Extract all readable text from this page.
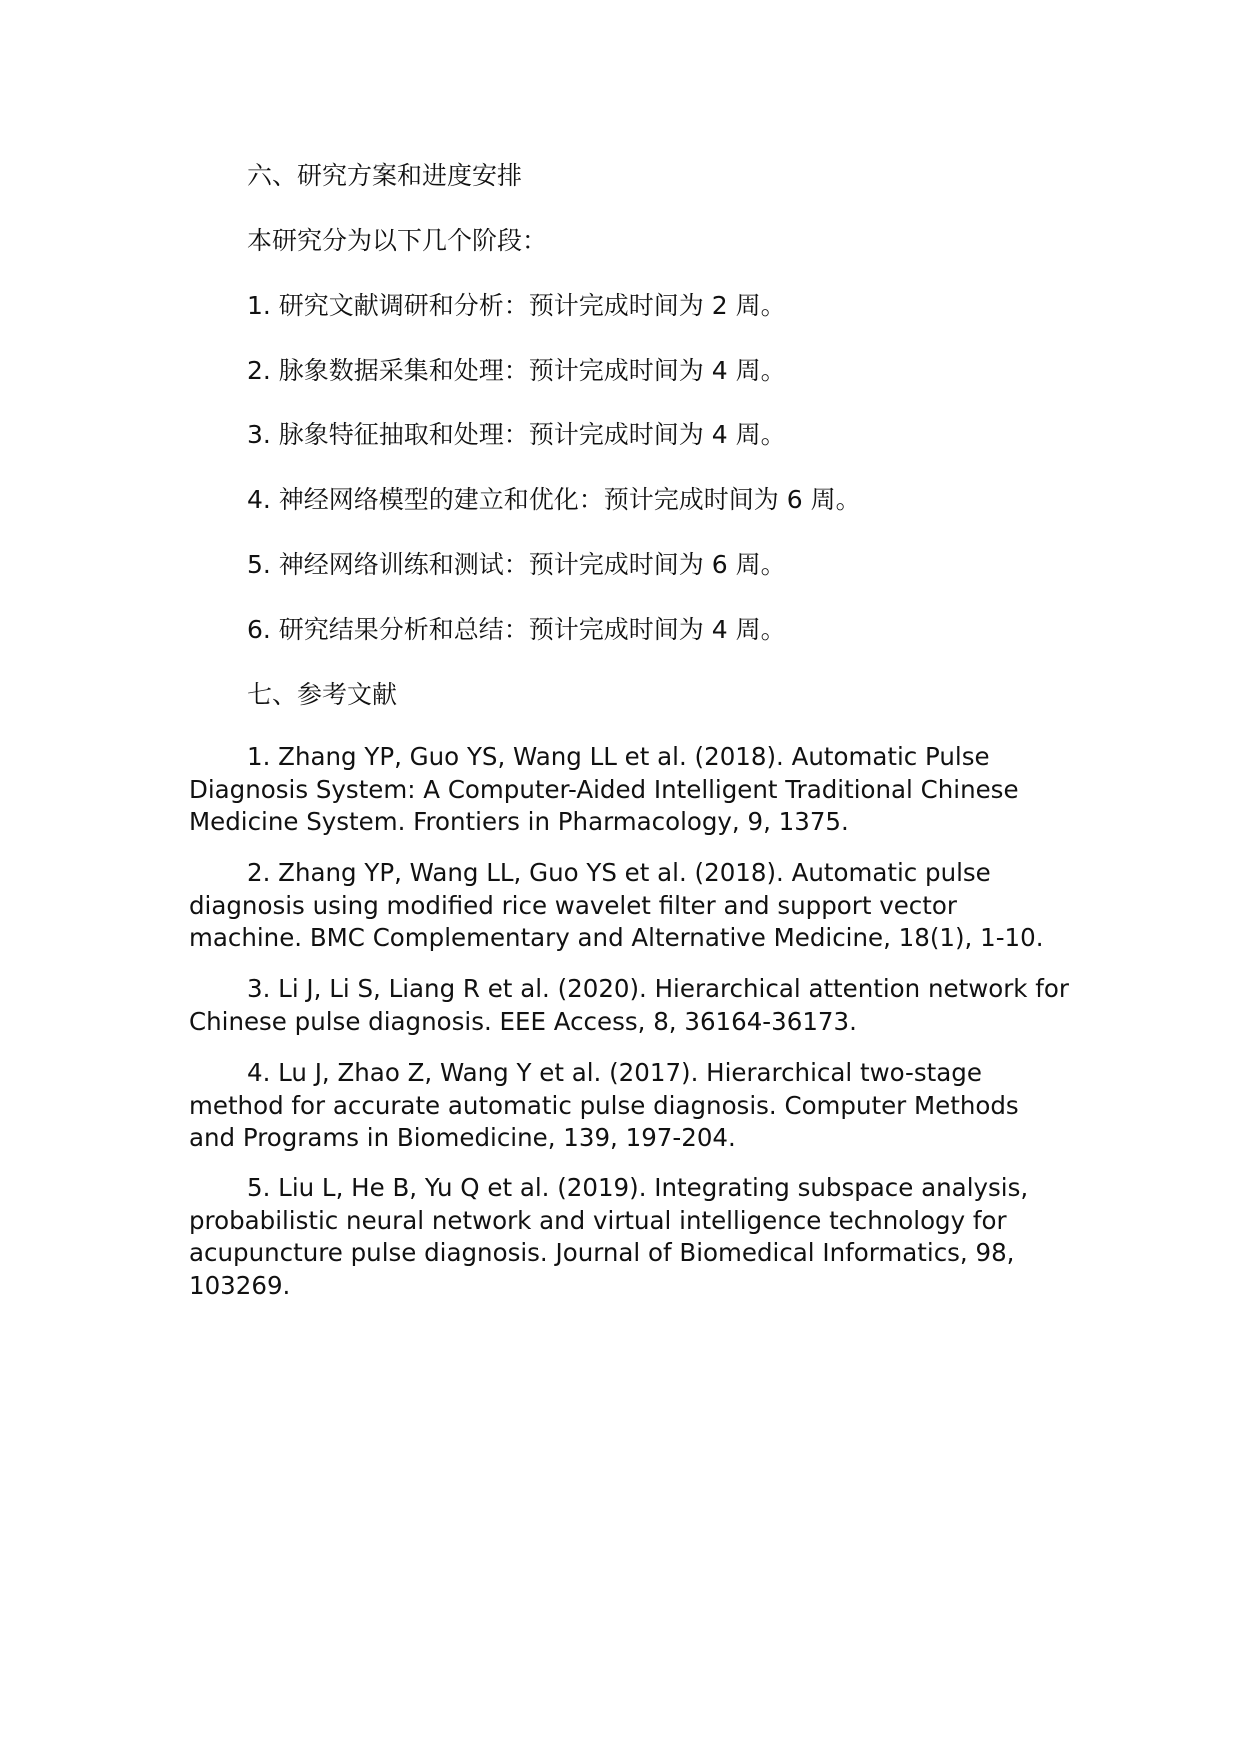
六、研究方案和进度安排
本研究分为以下几个阶段：
1. 研究文献调研和分析：预计完成时间为 2 周。
2. 脉象数据采集和处理：预计完成时间为 4 周。
3. 脉象特征抽取和处理：预计完成时间为 4 周。
4. 神经网络模型的建立和优化：预计完成时间为 6 周。
5. 神经网络训练和测试：预计完成时间为 6 周。
6. 研究结果分析和总结：预计完成时间为 4 周。
七、参考文献

1. Zhang YP, Guo YS, Wang LL et al. (2018). Automatic Pulse Diagnosis System: A Computer-Aided Intelligent Traditional Chinese Medicine System. Frontiers in Pharmacology, 9, 1375.

2. Zhang YP, Wang LL, Guo YS et al. (2018). Automatic pulse diagnosis using modified rice wavelet filter and support vector machine. BMC Complementary and Alternative Medicine, 18(1), 1-10.

3. Li J, Li S, Liang R et al. (2020). Hierarchical attention network for Chinese pulse diagnosis. EEE Access, 8, 36164-36173.

4. Lu J, Zhao Z, Wang Y et al. (2017). Hierarchical two-stage method for accurate automatic pulse diagnosis. Computer Methods and Programs in Biomedicine, 139, 197-204.

5. Liu L, He B, Yu Q et al. (2019). Integrating subspace analysis, probabilistic neural network and virtual intelligence technology for acupuncture pulse diagnosis. Journal of Biomedical Informatics, 98, 103269.
